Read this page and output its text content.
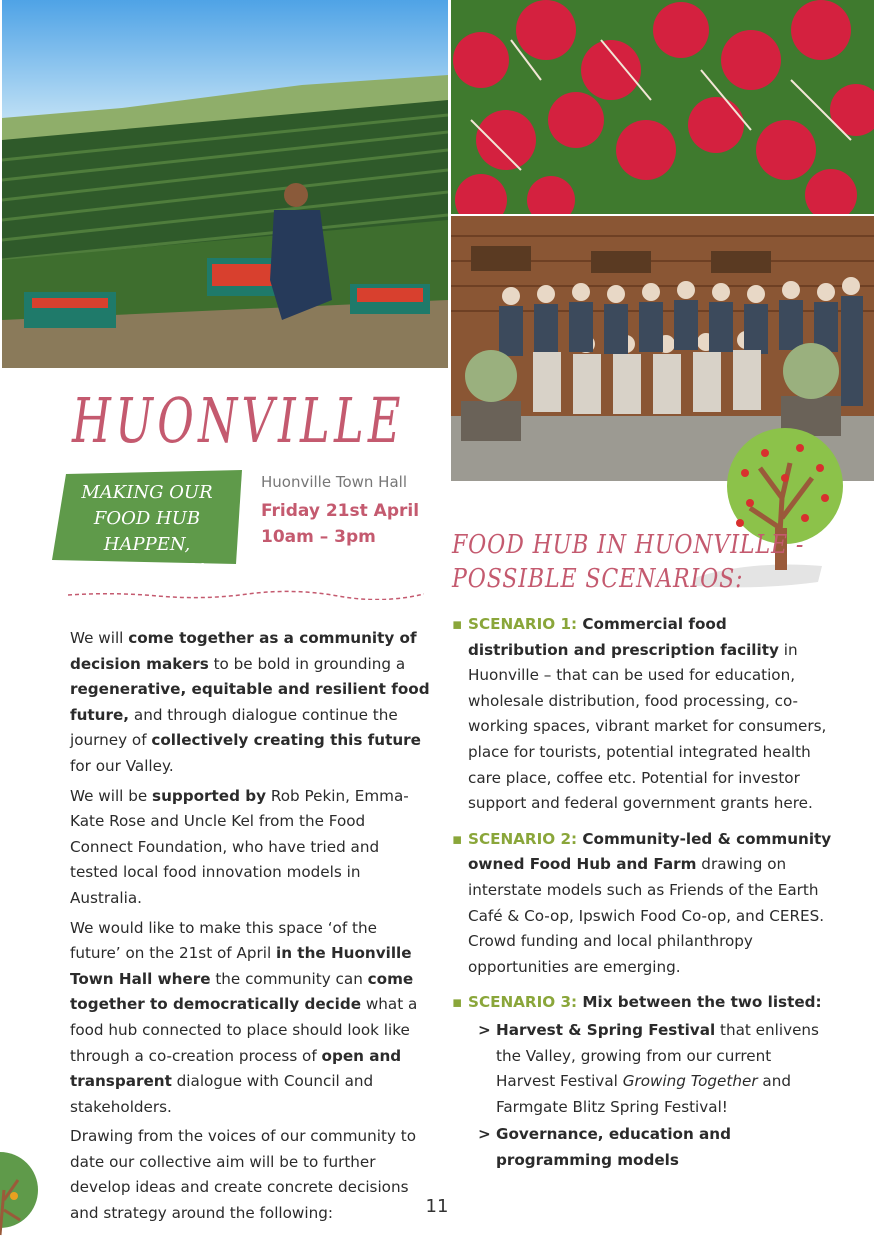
HUONVILLE
MAKING OUR
FOOD HUB HAPPEN,
TOGETHER!
Huonville Town Hall
Friday 21st April
10am – 3pm

We will come together as a community of decision makers to be bold in grounding a regenerative, equitable and resilient food future, and through dialogue continue the journey of collectively creating this future for our Valley.

We will be supported by Rob Pekin, Emma-Kate Rose and Uncle Kel from the Food Connect Foundation, who have tried and tested local food innovation models in Australia.

We would like to make this space ‘of the future’ on the 21st of April in the Huonville Town Hall where the community can come together to democratically decide what a food hub connected to place should look like through a co-creation process of open and transparent dialogue with Council and stakeholders.

Drawing from the voices of our community to date our collective aim will be to further develop ideas and create concrete decisions and strategy around the following:

FOOD HUB IN HUONVILLE -
POSSIBLE SCENARIOS:
▪ SCENARIO 1: Commercial food distribution and prescription facility in Huonville – that can be used for education, wholesale distribution, food processing, co-working spaces, vibrant market for consumers, place for tourists, potential integrated health care place, coffee etc. Potential for investor support and federal government grants here.
▪ SCENARIO 2: Community-led & community owned Food Hub and Farm drawing on interstate models such as Friends of the Earth Café & Co-op, Ipswich Food Co-op, and CERES. Crowd funding and local philanthropy opportunities are emerging.
▪ SCENARIO 3: Mix between the two listed:
> Harvest & Spring Festival that enlivens the Valley, growing from our current Harvest Festival Growing Together and Farmgate Blitz Spring Festival!
> Governance, education and programming models
11
